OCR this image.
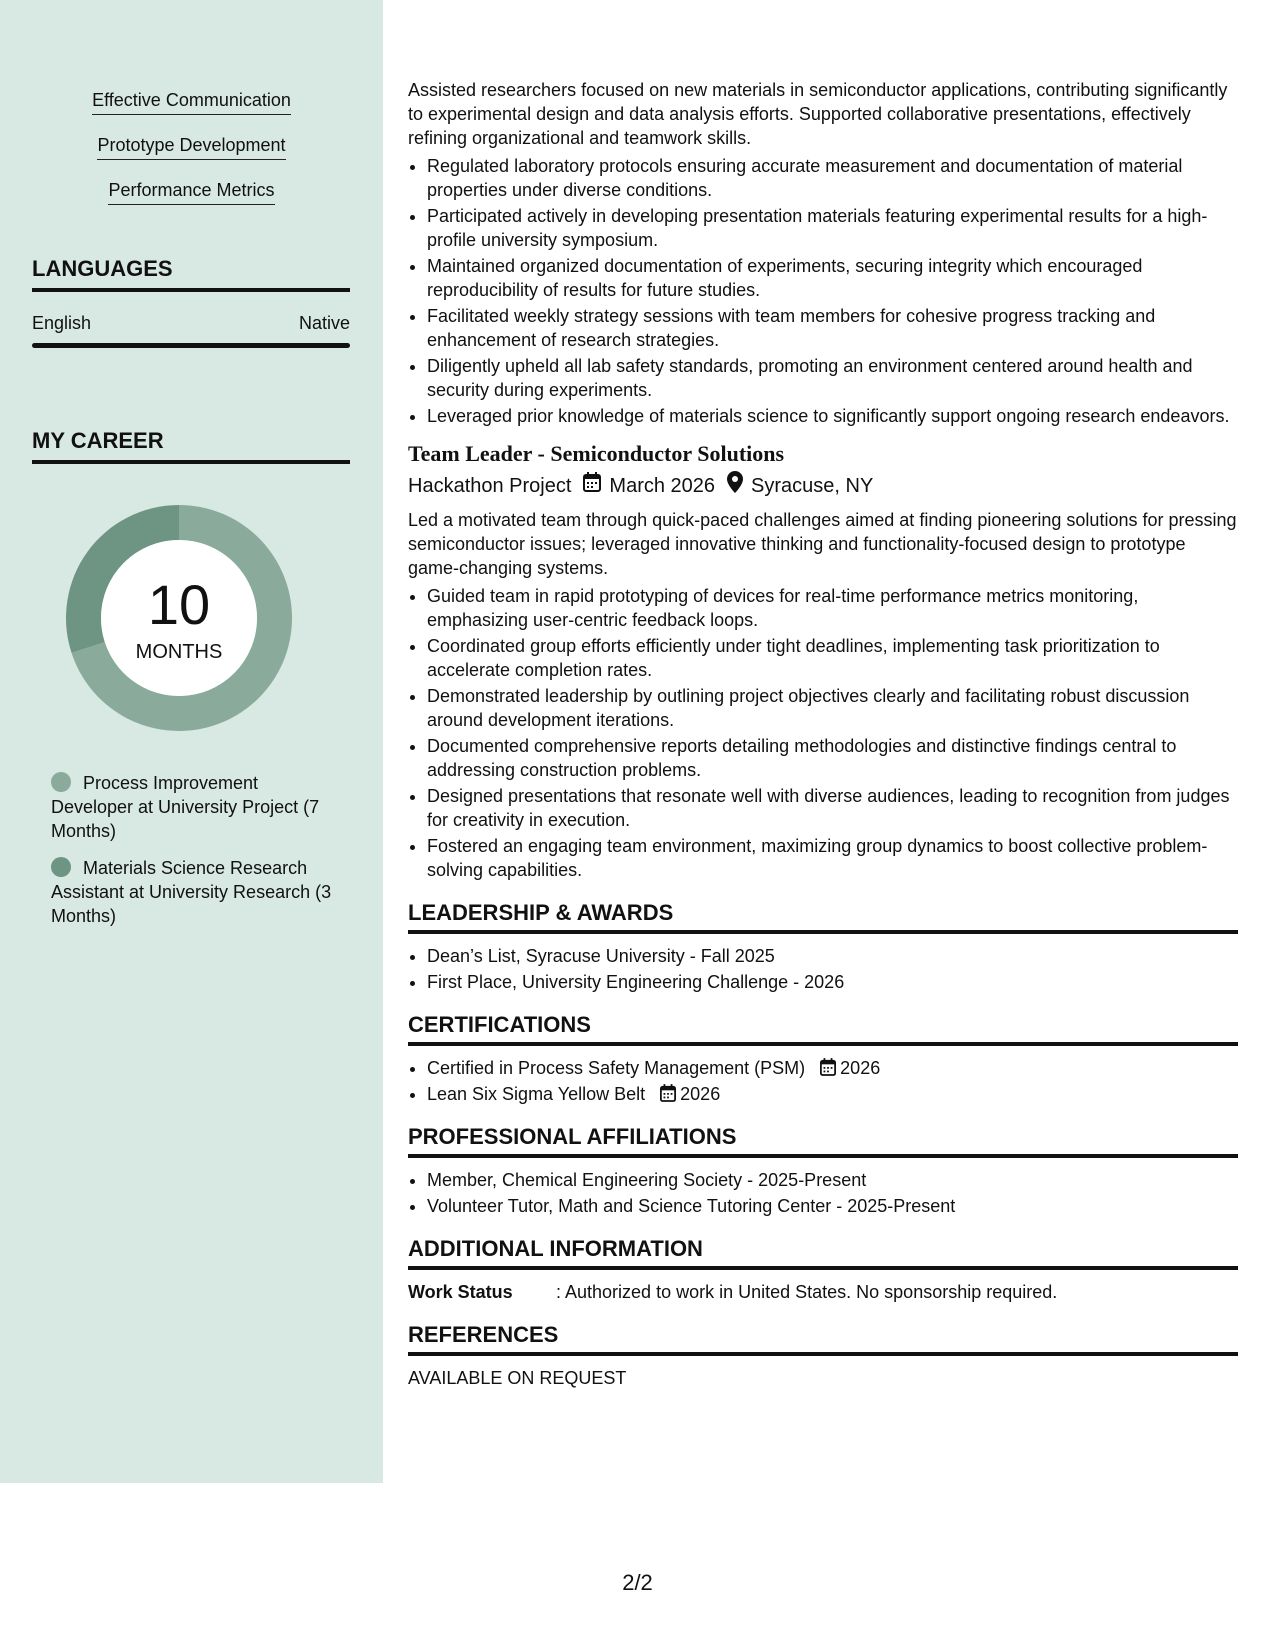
Effective Communication
Prototype Development
Performance Metrics
LANGUAGES
English	Native
MY CAREER
10
MONTHS
Process Improvement Developer at University Project (7 Months)
Materials Science Research Assistant at University Research (3 Months)

Assisted researchers focused on new materials in semiconductor applications, contributing significantly to experimental design and data analysis efforts. Supported collaborative presentations, effectively refining organizational and teamwork skills.

• Regulated laboratory protocols ensuring accurate measurement and documentation of material properties under diverse conditions.
• Participated actively in developing presentation materials featuring experimental results for a high-profile university symposium.
• Maintained organized documentation of experiments, securing integrity which encouraged reproducibility of results for future studies.
• Facilitated weekly strategy sessions with team members for cohesive progress tracking and enhancement of research strategies.
• Diligently upheld all lab safety standards, promoting an environment centered around health and security during experiments.
• Leveraged prior knowledge of materials science to significantly support ongoing research endeavors.
Team Leader - Semiconductor Solutions
Hackathon Project March 2026 Syracuse, NY

Led a motivated team through quick-paced challenges aimed at finding pioneering solutions for pressing semiconductor issues; leveraged innovative thinking and functionality-focused design to prototype game-changing systems.

• Guided team in rapid prototyping of devices for real-time performance metrics monitoring, emphasizing user-centric feedback loops.
• Coordinated group efforts efficiently under tight deadlines, implementing task prioritization to accelerate completion rates.
• Demonstrated leadership by outlining project objectives clearly and facilitating robust discussion around development iterations.
• Documented comprehensive reports detailing methodologies and distinctive findings central to addressing construction problems.
• Designed presentations that resonate well with diverse audiences, leading to recognition from judges for creativity in execution.
• Fostered an engaging team environment, maximizing group dynamics to boost collective problem-solving capabilities.
LEADERSHIP & AWARDS
• Dean’s List, Syracuse University - Fall 2025
• First Place, University Engineering Challenge - 2026
CERTIFICATIONS
• Certified in Process Safety Management (PSM) 2026
• Lean Six Sigma Yellow Belt 2026
PROFESSIONAL AFFILIATIONS
• Member, Chemical Engineering Society - 2025-Present
• Volunteer Tutor, Math and Science Tutoring Center - 2025-Present
ADDITIONAL INFORMATION
Work Status	: Authorized to work in United States. No sponsorship required.
REFERENCES

AVAILABLE ON REQUEST

2/2
